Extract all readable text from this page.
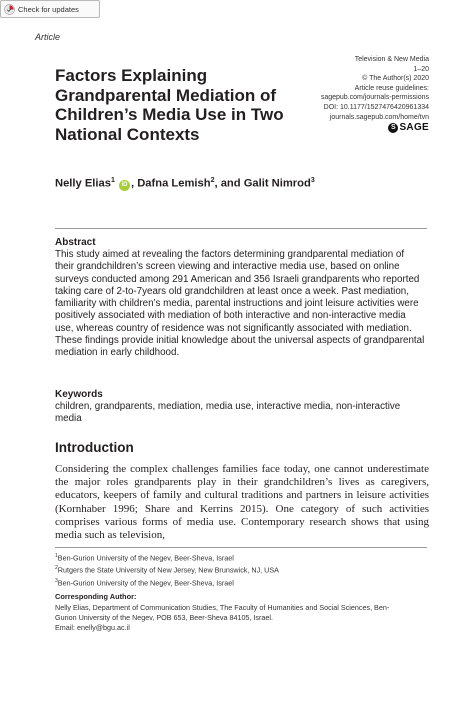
Check for updates
Article
Television & New Media
1–20
© The Author(s) 2020
Article reuse guidelines:
sagepub.com/journals-permissions
DOI: 10.1177/1527476420961334
journals.sagepub.com/home/tvn
S SAGE
Factors Explaining Grandparental Mediation of Children’s Media Use in Two National Contexts
Nelly Elias$^1$ iD , Dafna Lemish$^2$, and Galit Nimrod$^3$
Abstract
This study aimed at revealing the factors determining grandparental mediation of
their grandchildren’s screen viewing and interactive media use, based on online
surveys conducted among 291 American and 356 Israeli grandparents who reported
taking care of 2-to-7years old grandchildren at least once a week. Past mediation,
familiarity with children’s media, parental instructions and joint leisure activities were
positively associated with mediation of both interactive and non-interactive media
use, whereas country of residence was not significantly associated with mediation.
These findings provide initial knowledge about the universal aspects of grandparental
mediation in early childhood.
Keywords
children, grandparents, mediation, media use, interactive media, non-interactive
media
Introduction
Considering the complex challenges families face today, one cannot underestimate the major roles grandparents play in their grandchildren’s lives as caregivers, educators, keepers of family and cultural traditions and partners in leisure activities (Kornhaber 1996; Share and Kerrins 2015). One category of such activities comprises various forms of media use. Contemporary research shows that using media such as television,
$^1$Ben-Gurion University of the Negev, Beer-Sheva, Israel
$^2$Rutgers the State University of New Jersey, New Brunswick, NJ, USA
$^3$Ben-Gurion University of the Negev, Beer-Sheva, Israel
Corresponding Author:
Nelly Elias, Department of Communication Studies, The Faculty of Humanities and Social Sciences, Ben-
Gurion University of the Negev, POB 653, Beer-Sheva 84105, Israel.
Email: enelly@bgu.ac.il
